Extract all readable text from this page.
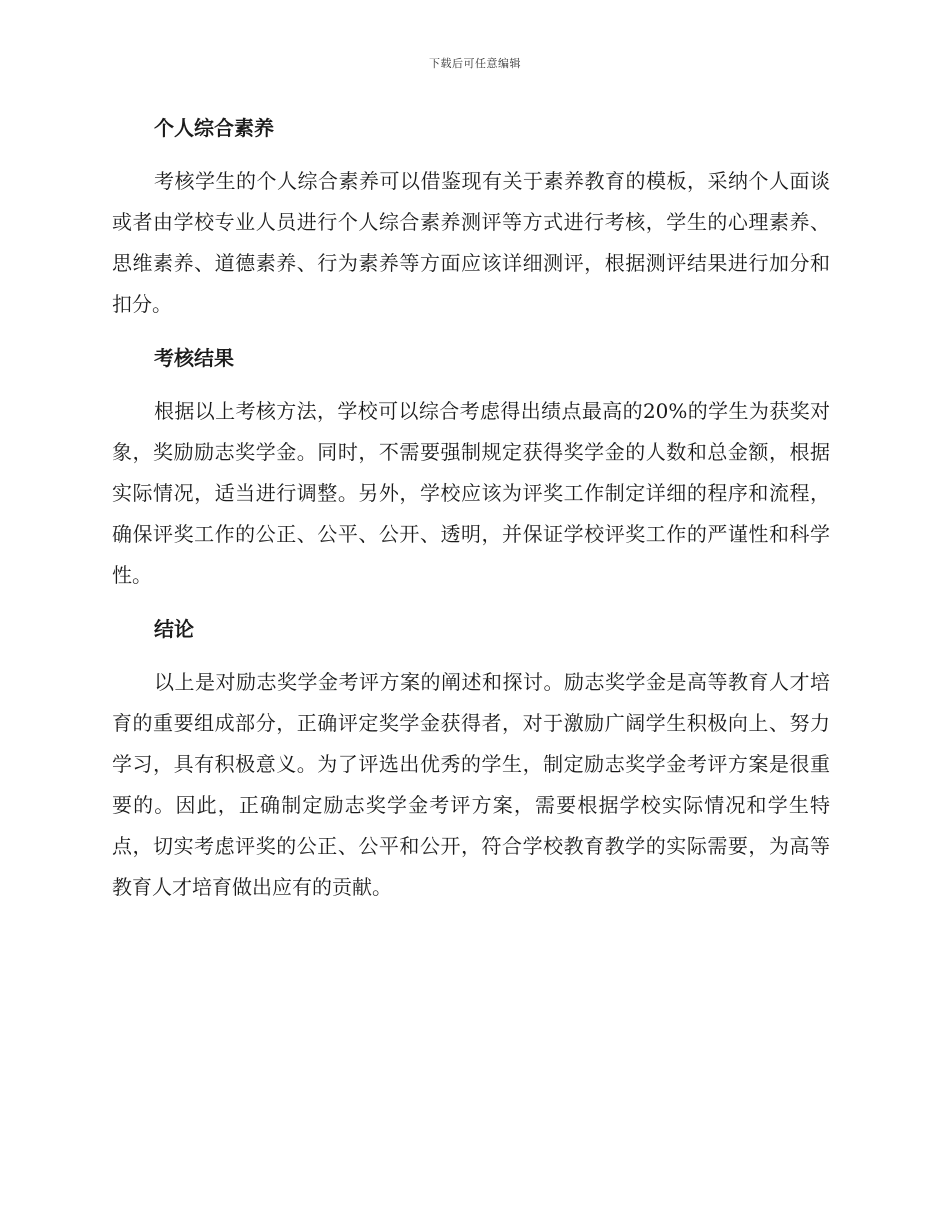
下载后可任意编辑
个人综合素养

考核学生的个人综合素养可以借鉴现有关于素养教育的模板，采纳个人面谈或者由学校专业人员进行个人综合素养测评等方式进行考核，学生的心理素养、思维素养、道德素养、行为素养等方面应该详细测评，根据测评结果进行加分和扣分。

考核结果

根据以上考核方法，学校可以综合考虑得出绩点最高的20%的学生为获奖对象，奖励励志奖学金。同时，不需要强制规定获得奖学金的人数和总金额，根据实际情况，适当进行调整。另外，学校应该为评奖工作制定详细的程序和流程，确保评奖工作的公正、公平、公开、透明，并保证学校评奖工作的严谨性和科学性。

结论

以上是对励志奖学金考评方案的阐述和探讨。励志奖学金是高等教育人才培育的重要组成部分，正确评定奖学金获得者，对于激励广阔学生积极向上、努力学习，具有积极意义。为了评选出优秀的学生，制定励志奖学金考评方案是很重要的。因此，正确制定励志奖学金考评方案，需要根据学校实际情况和学生特点，切实考虑评奖的公正、公平和公开，符合学校教育教学的实际需要，为高等教育人才培育做出应有的贡献。
